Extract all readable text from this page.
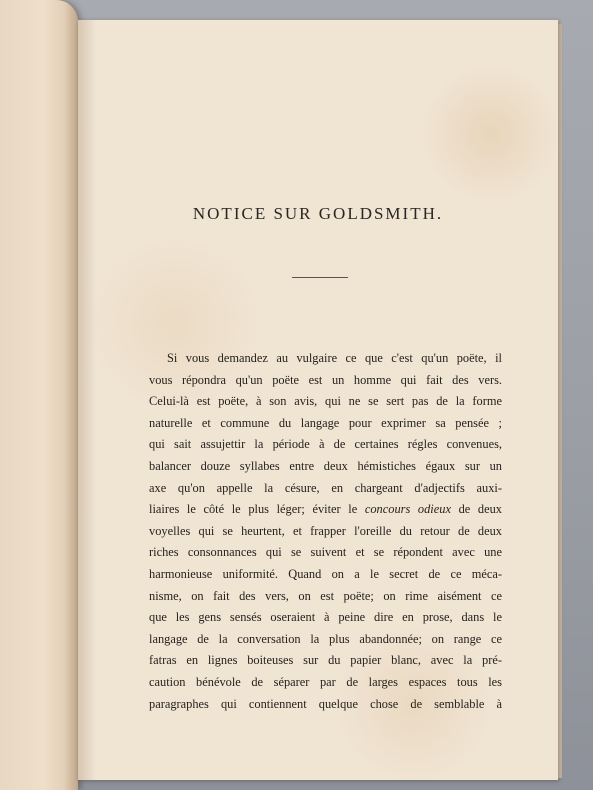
NOTICE SUR GOLDSMITH.
Si vous demandez au vulgaire ce que c'est qu'un poëte, il
vous répondra qu'un poëte est un homme qui fait des vers.
Celui-là est poëte, à son avis, qui ne se sert pas de la forme
naturelle et commune du langage pour exprimer sa pensée ;
qui sait assujettir la période à de certaines régles convenues,
balancer douze syllabes entre deux hémistiches égaux sur un
axe qu'on appelle la césure, en chargeant d'adjectifs auxi-
liaires le côté le plus léger; éviter le concours odieux de deux
voyelles qui se heurtent, et frapper l'oreille du retour de deux
riches consonnances qui se suivent et se répondent avec une
harmonieuse uniformité. Quand on a le secret de ce méca-
nisme, on fait des vers, on est poëte; on rime aisément ce
que les gens sensés oseraient à peine dire en prose, dans le
langage de la conversation la plus abandonnée; on range ce
fatras en lignes boiteuses sur du papier blanc, avec la pré-
caution bénévole de séparer par de larges espaces tous les
paragraphes qui contiennent quelque chose de semblable à
